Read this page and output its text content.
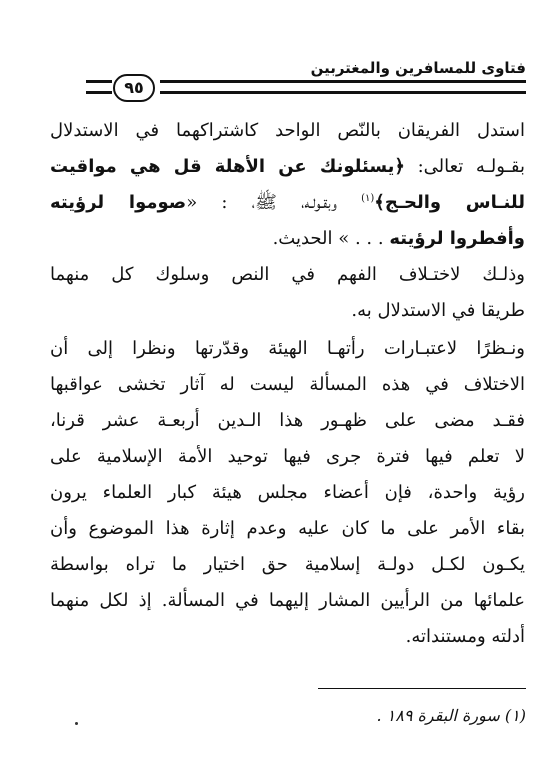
فتاوى للمسافرين والمغتربين
٩٥
استدل الفريقان بالنّص الواحد كاشتراكهما في الاستدلال
بقـولـه تعالى: ﴿يسئلونك عن الأهلة قل هي مواقيت
للنـاس والحـج﴾$^{(١)}$ وبقـولـه، ﷺ، : «صوموا لرؤيته
وأفطروا لرؤيته . . . » الحديث.
وذلـك لاختـلاف الفهم في النص وسلوك كل منهما
طريقا في الاستدلال به.
ونـظرًا لاعتبـارات رأتهـا الهيئة وقدّرتها ونظرا إلى أن
الاختلاف في هذه المسألة ليست له آثار تخشى عواقبها
فقـد مضى على ظهـور هذا الـدين أربعـة عشر قرنا،
لا تعلم فيها فترة جرى فيها توحيد الأمة الإسلامية على
رؤية واحدة، فإن أعضاء مجلس هيئة كبار العلماء يرون
بقاء الأمر على ما كان عليه وعدم إثارة هذا الموضوع وأن
يكـون لكـل دولـة إسلامية حق اختيار ما تراه بواسطة
علمائها من الرأيين المشار إليهما في المسألة. إذ لكل منهما
أدلته ومستنداته.
(١) سورة البقرة ١٨٩ .
